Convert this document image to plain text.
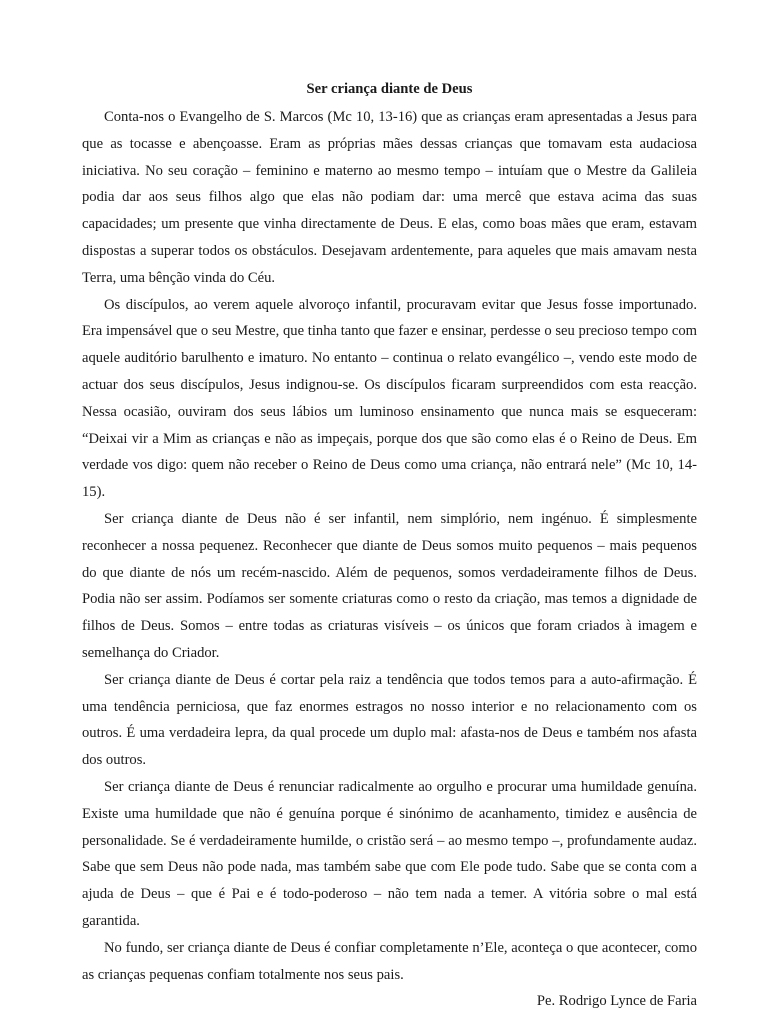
Ser criança diante de Deus

Conta-nos o Evangelho de S. Marcos (Mc 10, 13-16) que as crianças eram apresentadas a Jesus para que as tocasse e abençoasse. Eram as próprias mães dessas crianças que tomavam esta audaciosa iniciativa. No seu coração – feminino e materno ao mesmo tempo – intuíam que o Mestre da Galileia podia dar aos seus filhos algo que elas não podiam dar: uma mercê que estava acima das suas capacidades; um presente que vinha directamente de Deus. E elas, como boas mães que eram, estavam dispostas a superar todos os obstáculos. Desejavam ardentemente, para aqueles que mais amavam nesta Terra, uma bênção vinda do Céu.

Os discípulos, ao verem aquele alvoroço infantil, procuravam evitar que Jesus fosse importunado. Era impensável que o seu Mestre, que tinha tanto que fazer e ensinar, perdesse o seu precioso tempo com aquele auditório barulhento e imaturo. No entanto – continua o relato evangélico –, vendo este modo de actuar dos seus discípulos, Jesus indignou-se. Os discípulos ficaram surpreendidos com esta reacção. Nessa ocasião, ouviram dos seus lábios um luminoso ensinamento que nunca mais se esqueceram: “Deixai vir a Mim as crianças e não as impeçais, porque dos que são como elas é o Reino de Deus. Em verdade vos digo: quem não receber o Reino de Deus como uma criança, não entrará nele” (Mc 10, 14-15).

Ser criança diante de Deus não é ser infantil, nem simplório, nem ingénuo. É simplesmente reconhecer a nossa pequenez. Reconhecer que diante de Deus somos muito pequenos – mais pequenos do que diante de nós um recém-nascido. Além de pequenos, somos verdadeiramente filhos de Deus. Podia não ser assim. Podíamos ser somente criaturas como o resto da criação, mas temos a dignidade de filhos de Deus. Somos – entre todas as criaturas visíveis – os únicos que foram criados à imagem e semelhança do Criador.

Ser criança diante de Deus é cortar pela raiz a tendência que todos temos para a auto-afirmação. É uma tendência perniciosa, que faz enormes estragos no nosso interior e no relacionamento com os outros. É uma verdadeira lepra, da qual procede um duplo mal: afasta-nos de Deus e também nos afasta dos outros.

Ser criança diante de Deus é renunciar radicalmente ao orgulho e procurar uma humildade genuína. Existe uma humildade que não é genuína porque é sinónimo de acanhamento, timidez e ausência de personalidade. Se é verdadeiramente humilde, o cristão será – ao mesmo tempo –, profundamente audaz. Sabe que sem Deus não pode nada, mas também sabe que com Ele pode tudo. Sabe que se conta com a ajuda de Deus – que é Pai e é todo-poderoso – não tem nada a temer. A vitória sobre o mal está garantida.

No fundo, ser criança diante de Deus é confiar completamente n’Ele, aconteça o que acontecer, como as crianças pequenas confiam totalmente nos seus pais.

Pe. Rodrigo Lynce de Faria
